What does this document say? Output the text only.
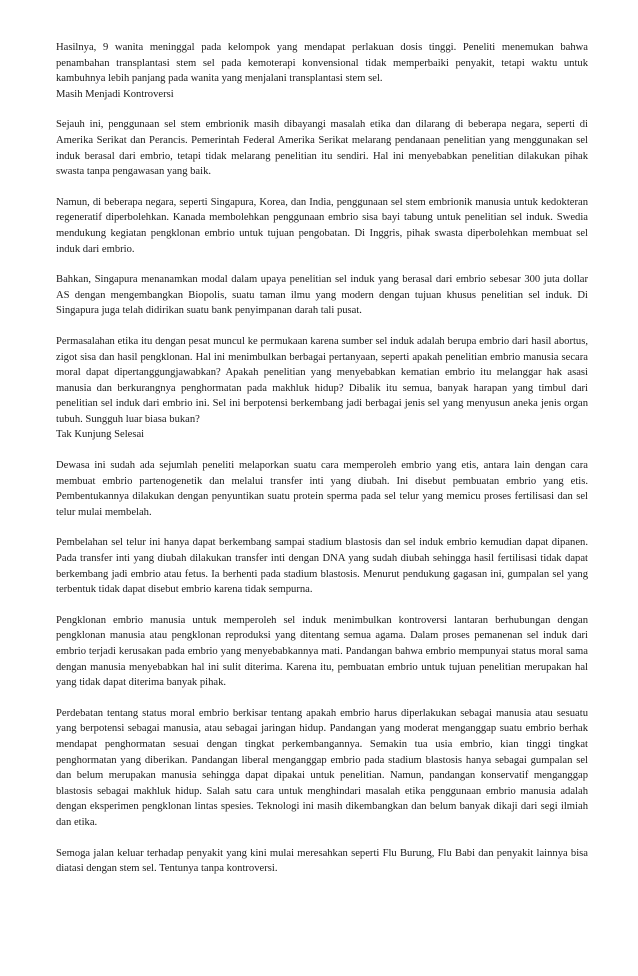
Hasilnya, 9 wanita meninggal pada kelompok yang mendapat perlakuan dosis tinggi. Peneliti menemukan bahwa penambahan transplantasi stem sel pada kemoterapi konvensional tidak memperbaiki penyakit, tetapi waktu untuk kambuhnya lebih panjang pada wanita yang menjalani transplantasi stem sel.
Masih Menjadi Kontroversi
Sejauh ini, penggunaan sel stem embrionik masih dibayangi masalah etika dan dilarang di beberapa negara, seperti di Amerika Serikat dan Perancis. Pemerintah Federal Amerika Serikat melarang pendanaan penelitian yang menggunakan sel induk berasal dari embrio, tetapi tidak melarang penelitian itu sendiri. Hal ini menyebabkan penelitian dilakukan pihak swasta tanpa pengawasan yang baik.
Namun, di beberapa negara, seperti Singapura, Korea, dan India, penggunaan sel stem embrionik manusia untuk kedokteran regeneratif diperbolehkan. Kanada membolehkan penggunaan embrio sisa bayi tabung untuk penelitian sel induk. Swedia mendukung kegiatan pengklonan embrio untuk tujuan pengobatan. Di Inggris, pihak swasta diperbolehkan membuat sel induk dari embrio.
Bahkan, Singapura menanamkan modal dalam upaya penelitian sel induk yang berasal dari embrio sebesar 300 juta dollar AS dengan mengembangkan Biopolis, suatu taman ilmu yang modern dengan tujuan khusus penelitian sel induk. Di Singapura juga telah didirikan suatu bank penyimpanan darah tali pusat.
Permasalahan etika itu dengan pesat muncul ke permukaan karena sumber sel induk adalah berupa embrio dari hasil abortus, zigot sisa dan hasil pengklonan. Hal ini menimbulkan berbagai pertanyaan, seperti apakah penelitian embrio manusia secara moral dapat dipertanggungjawabkan? Apakah penelitian yang menyebabkan kematian embrio itu melanggar hak asasi manusia dan berkurangnya penghormatan pada makhluk hidup? Dibalik itu semua, banyak harapan yang timbul dari penelitian sel induk dari embrio ini. Sel ini berpotensi berkembang jadi berbagai jenis sel yang menyusun aneka jenis organ tubuh. Sungguh luar biasa bukan?
Tak Kunjung Selesai
Dewasa ini sudah ada sejumlah peneliti melaporkan suatu cara memperoleh embrio yang etis, antara lain dengan cara membuat embrio partenogenetik dan melalui transfer inti yang diubah. Ini disebut pembuatan embrio yang etis. Pembentukannya dilakukan dengan penyuntikan suatu protein sperma pada sel telur yang memicu proses fertilisasi dan sel telur mulai membelah.
Pembelahan sel telur ini hanya dapat berkembang sampai stadium blastosis dan sel induk embrio kemudian dapat dipanen. Pada transfer inti yang diubah dilakukan transfer inti dengan DNA yang sudah diubah sehingga hasil fertilisasi tidak dapat berkembang jadi embrio atau fetus. Ia berhenti pada stadium blastosis. Menurut pendukung gagasan ini, gumpalan sel yang terbentuk tidak dapat disebut embrio karena tidak sempurna.
Pengklonan embrio manusia untuk memperoleh sel induk menimbulkan kontroversi lantaran berhubungan dengan pengklonan manusia atau pengklonan reproduksi yang ditentang semua agama. Dalam proses pemanenan sel induk dari embrio terjadi kerusakan pada embrio yang menyebabkannya mati. Pandangan bahwa embrio mempunyai status moral sama dengan manusia menyebabkan hal ini sulit diterima. Karena itu, pembuatan embrio untuk tujuan penelitian merupakan hal yang tidak dapat diterima banyak pihak.
Perdebatan tentang status moral embrio berkisar tentang apakah embrio harus diperlakukan sebagai manusia atau sesuatu yang berpotensi sebagai manusia, atau sebagai jaringan hidup. Pandangan yang moderat menganggap suatu embrio berhak mendapat penghormatan sesuai dengan tingkat perkembangannya. Semakin tua usia embrio, kian tinggi tingkat penghormatan yang diberikan. Pandangan liberal menganggap embrio pada stadium blastosis hanya sebagai gumpalan sel dan belum merupakan manusia sehingga dapat dipakai untuk penelitian. Namun, pandangan konservatif menganggap blastosis sebagai makhluk hidup. Salah satu cara untuk menghindari masalah etika penggunaan embrio manusia adalah dengan eksperimen pengklonan lintas spesies. Teknologi ini masih dikembangkan dan belum banyak dikaji dari segi ilmiah dan etika.
Semoga jalan keluar terhadap penyakit yang kini mulai meresahkan seperti Flu Burung, Flu Babi dan penyakit lainnya bisa diatasi dengan stem sel. Tentunya tanpa kontroversi.
